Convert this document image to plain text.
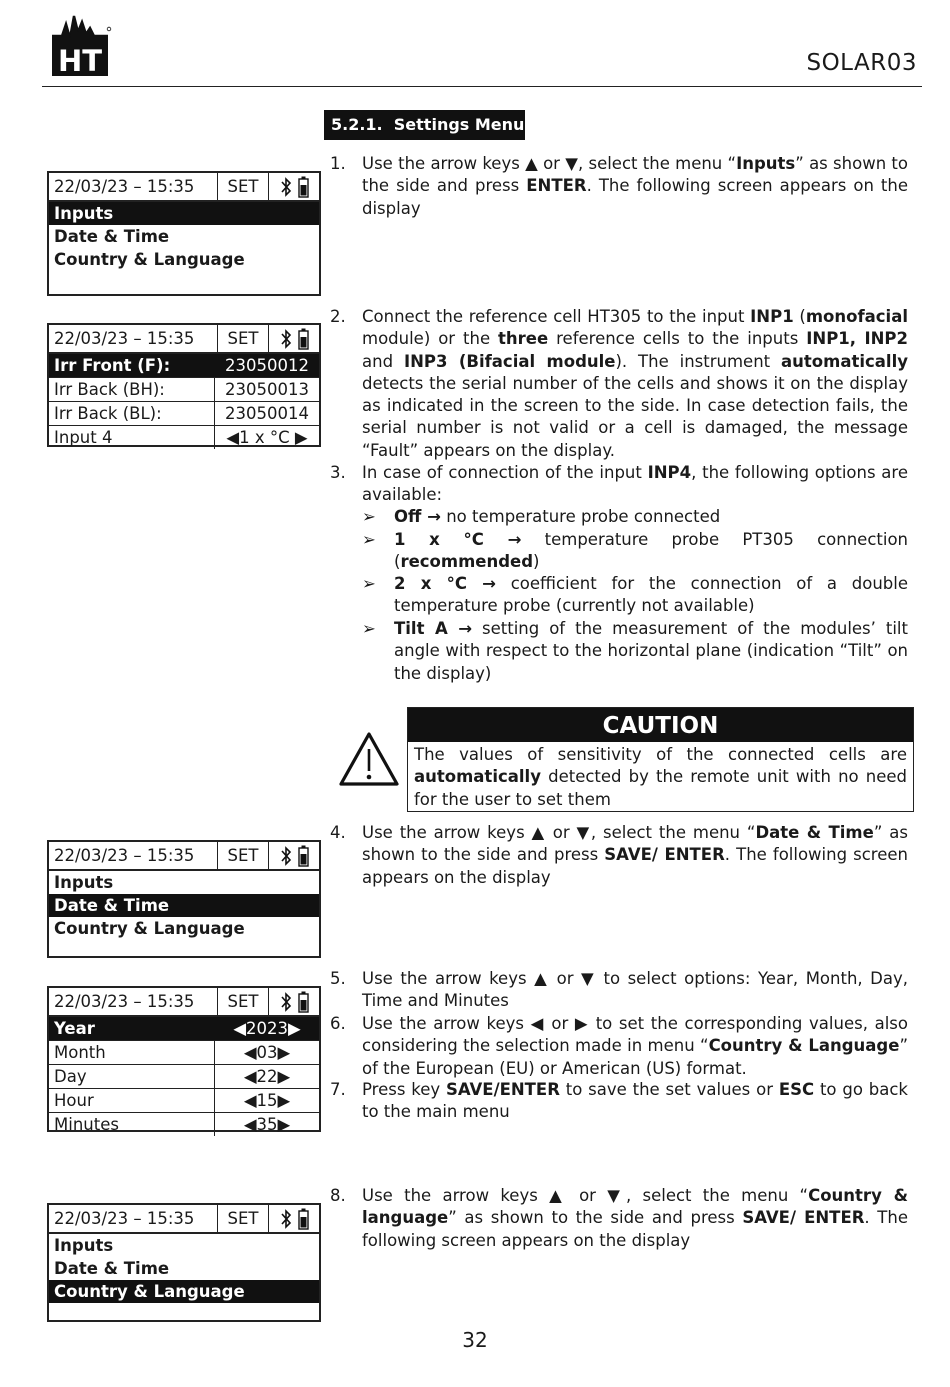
HT	SOLAR03
5.2.1. Settings Menu
22/03/23 – 15:35	SET
Inputs
Date & Time
Country & Language
22/03/23 – 15:35	SET
Irr Front (F):	23050012
Irr Back (BH):	23050013
Irr Back (BL):	23050014
Input 4	◀1 x °C ▶
22/03/23 – 15:35	SET
Inputs
Date & Time
Country & Language
22/03/23 – 15:35	SET
Year	◀2023▶
Month	◀03▶
Day	◀22▶
Hour	◀15▶
Minutes	◀35▶
22/03/23 – 15:35	SET
Inputs
Date & Time
Country & Language
1. Use the arrow keys ▲ or ▼, select the menu “Inputs” as shown to the side and press ENTER. The following screen appears on the display
2. Connect the reference cell HT305 to the input INP1 (monofacial module) or the three reference cells to the inputs INP1, INP2 and INP3 (Bifacial module). The instrument automatically detects the serial number of the cells and shows it on the display as indicated in the screen to the side. In case detection fails, the serial number is not valid or a cell is damaged, the message “Fault” appears on the display.
3. In case of connection of the input INP4, the following options are available:
➢ Off → no temperature probe connected
➢ 1 x °C → temperature probe PT305 connection (recommended)
➢ 2 x °C → coefficient for the connection of a double temperature probe (currently not available)
➢ Tilt A → setting of the measurement of the modules’ tilt angle with respect to the horizontal plane (indication “Tilt” on the display)
CAUTION
The values of sensitivity of the connected cells are automatically detected by the remote unit with no need for the user to set them
4. Use the arrow keys ▲ or ▼, select the menu “Date & Time” as shown to the side and press SAVE/ ENTER. The following screen appears on the display
5. Use the arrow keys ▲ or ▼ to select options: Year, Month, Day, Time and Minutes
6. Use the arrow keys ◀ or ▶ to set the corresponding values, also considering the selection made in menu “Country & Language” of the European (EU) or American (US) format.
7. Press key SAVE/ENTER to save the set values or ESC to go back to the main menu
8. Use the arrow keys ▲ or ▼, select the menu “Country & language” as shown to the side and press SAVE/ ENTER. The following screen appears on the display
32
